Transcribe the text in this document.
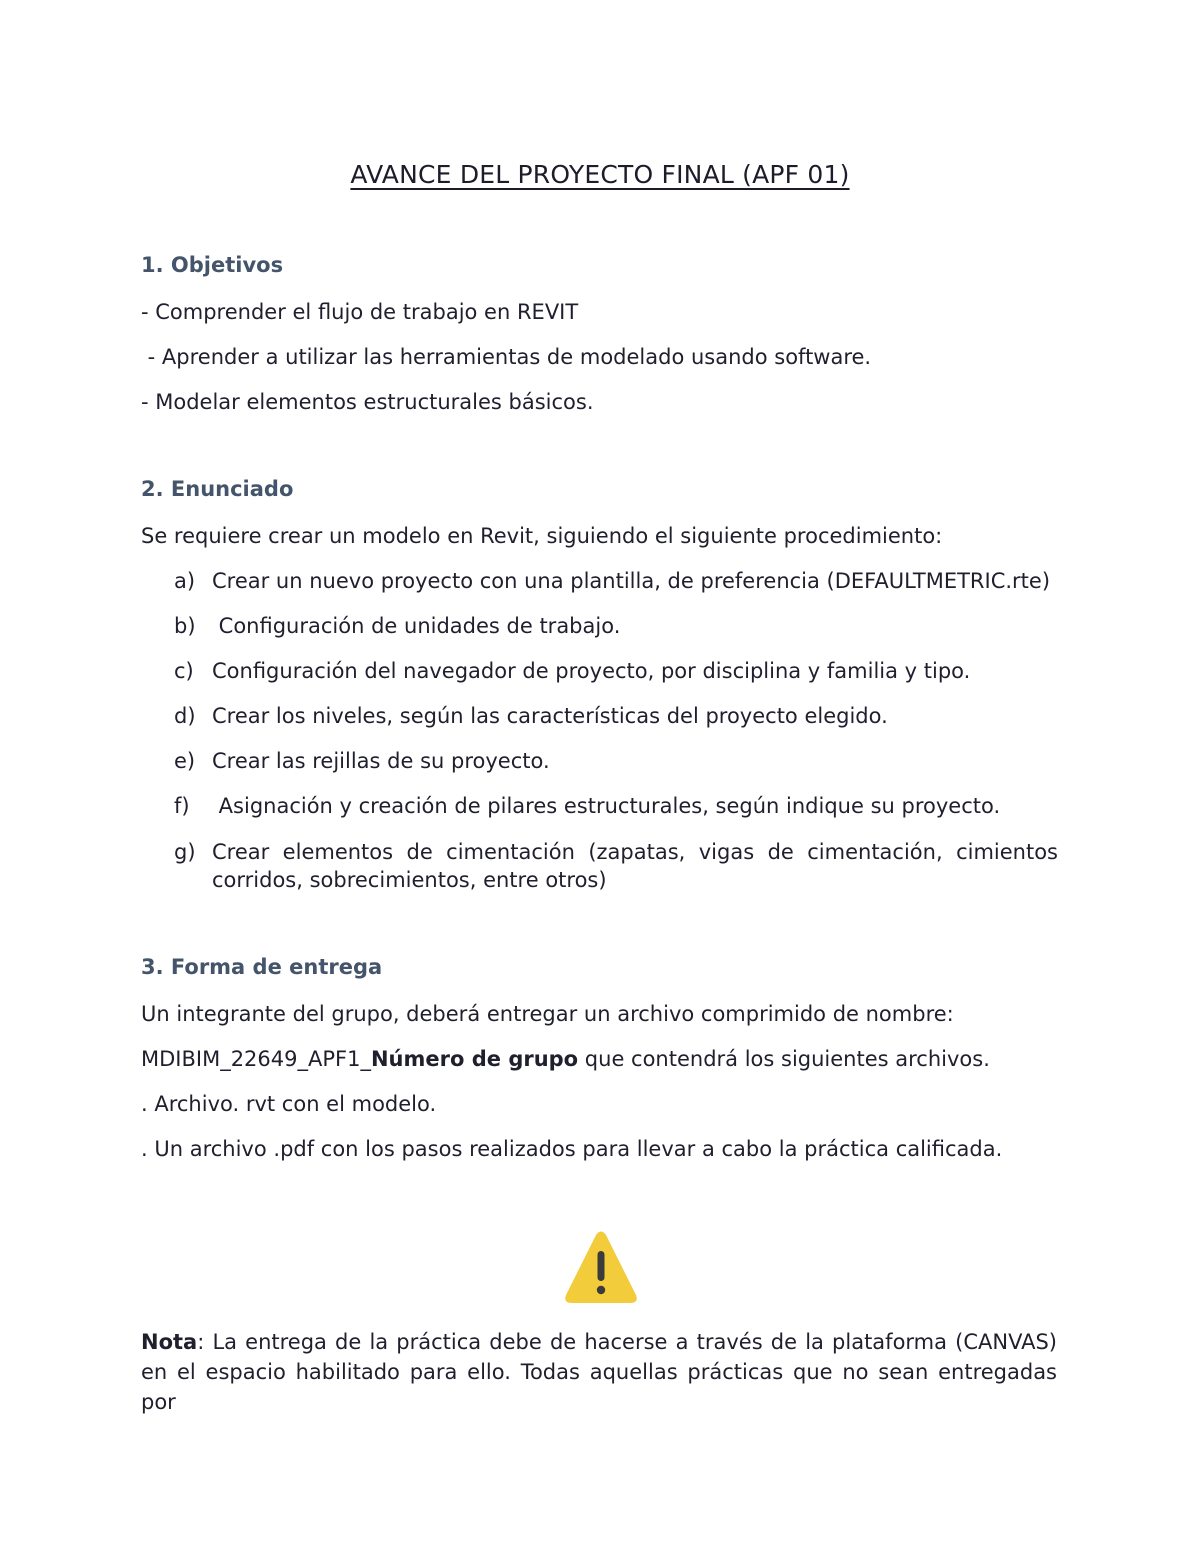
AVANCE DEL PROYECTO FINAL (APF 01)
1. Objetivos
- Comprender el flujo de trabajo en REVIT
- Aprender a utilizar las herramientas de modelado usando software.
- Modelar elementos estructurales básicos.
2. Enunciado
Se requiere crear un modelo en Revit, siguiendo el siguiente procedimiento:
a) Crear un nuevo proyecto con una plantilla, de preferencia (DEFAULTMETRIC.rte)
b) Configuración de unidades de trabajo.
c) Configuración del navegador de proyecto, por disciplina y familia y tipo.
d) Crear los niveles, según las características del proyecto elegido.
e) Crear las rejillas de su proyecto.
f) Asignación y creación de pilares estructurales, según indique su proyecto.
g) Crear elementos de cimentación (zapatas, vigas de cimentación, cimientos corridos, sobrecimientos, entre otros)
3. Forma de entrega
Un integrante del grupo, deberá entregar un archivo comprimido de nombre:
MDIBIM_22649_APF1_Número de grupo que contendrá los siguientes archivos.
. Archivo. rvt con el modelo.
. Un archivo .pdf con los pasos realizados para llevar a cabo la práctica calificada.
Nota: La entrega de la práctica debe de hacerse a través de la plataforma (CANVAS) en el espacio habilitado para ello. Todas aquellas prácticas que no sean entregadas por
